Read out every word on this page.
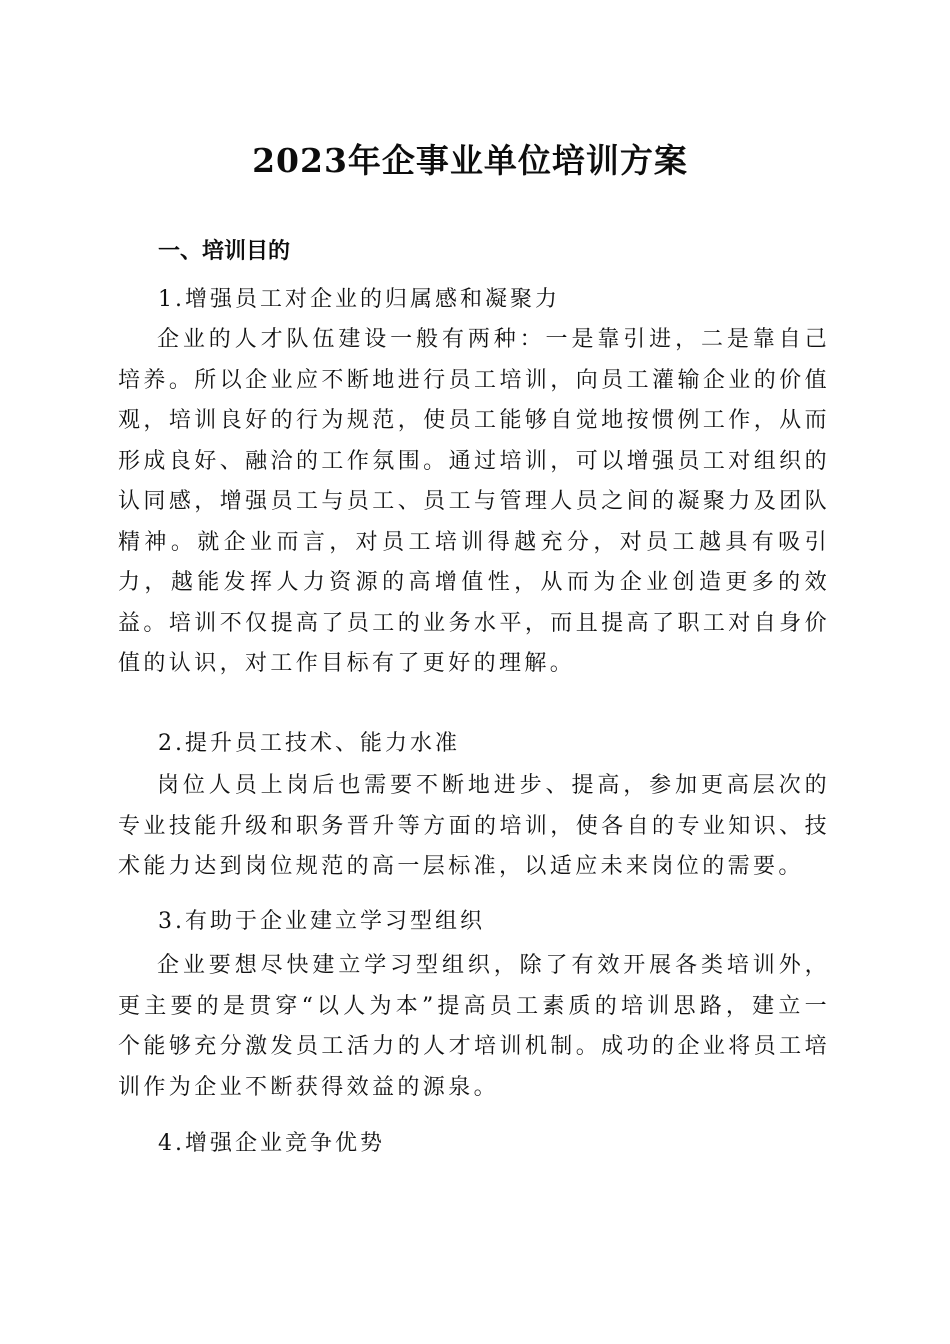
2023年企事业单位培训方案
一、培训目的

1.增强员工对企业的归属感和凝聚力

企业的人才队伍建设一般有两种：一是靠引进，二是靠自己培养。所以企业应不断地进行员工培训，向员工灌输企业的价值观，培训良好的行为规范，使员工能够自觉地按惯例工作，从而形成良好、融洽的工作氛围。通过培训，可以增强员工对组织的认同感，增强员工与员工、员工与管理人员之间的凝聚力及团队精神。就企业而言，对员工培训得越充分，对员工越具有吸引力，越能发挥人力资源的高增值性，从而为企业创造更多的效益。培训不仅提高了员工的业务水平，而且提高了职工对自身价值的认识，对工作目标有了更好的理解。

2.提升员工技术、能力水准

岗位人员上岗后也需要不断地进步、提高，参加更高层次的专业技能升级和职务晋升等方面的培训，使各自的专业知识、技术能力达到岗位规范的高一层标准，以适应未来岗位的需要。

3.有助于企业建立学习型组织

企业要想尽快建立学习型组织，除了有效开展各类培训外，更主要的是贯穿“以人为本”提高员工素质的培训思路，建立一个能够充分激发员工活力的人才培训机制。成功的企业将员工培训作为企业不断获得效益的源泉。

4.增强企业竞争优势
